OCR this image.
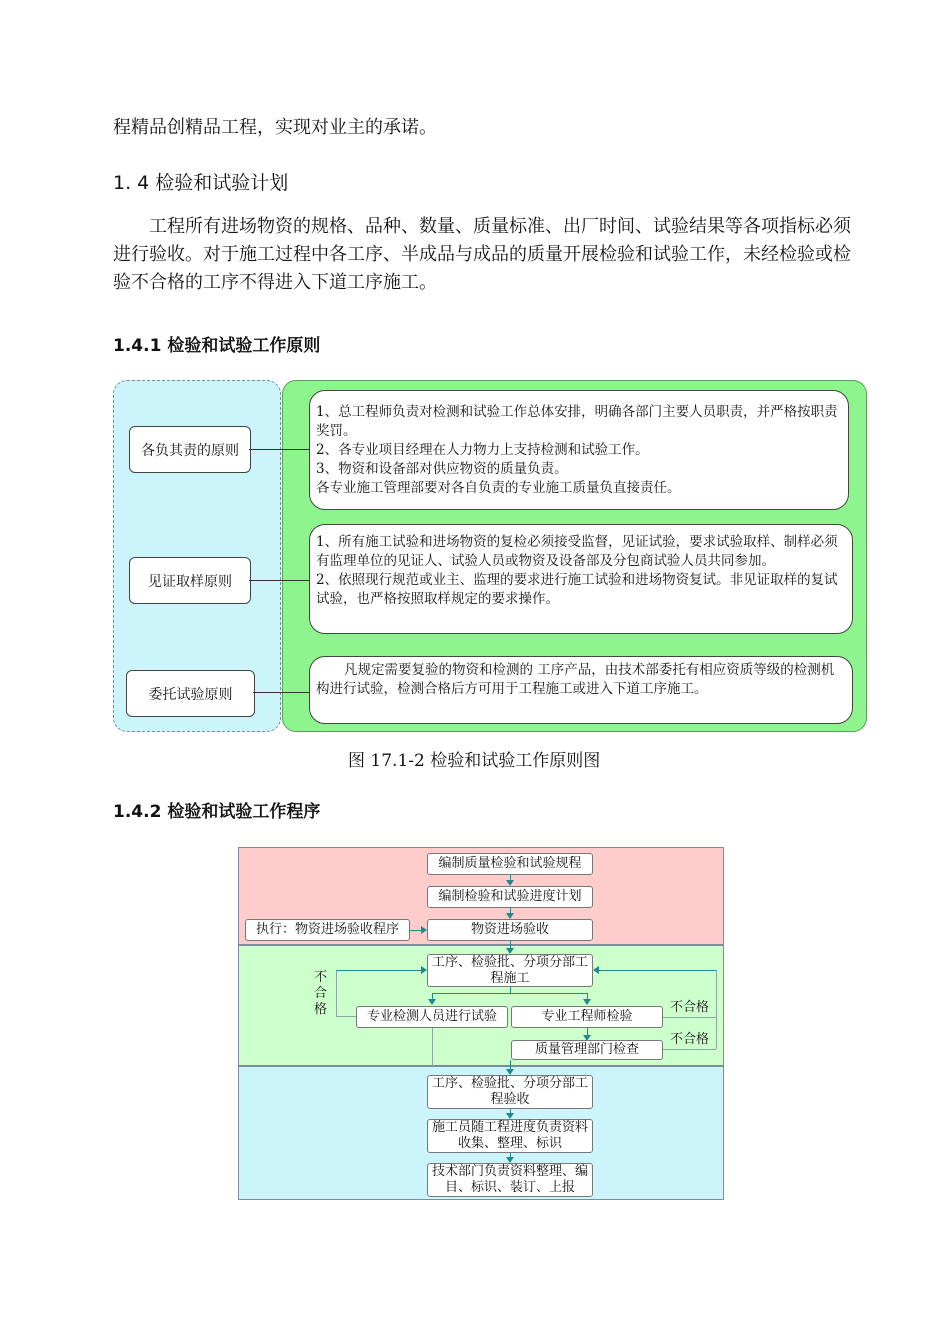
程精品创精品工程，实现对业主的承诺。

1. 4 检验和试验计划

工程所有进场物资的规格、品种、数量、质量标准、出厂时间、试验结果等各项指标必须进行验收。对于施工过程中各工序、半成品与成品的质量开展检验和试验工作，未经检验或检验不合格的工序不得进入下道工序施工。

1.4.1 检验和试验工作原则
各负其责的原则
见证取样原则
委托试验原则
1、总工程师负责对检测和试验工作总体安排，明确各部门主要人员职责，并严格按职责奖罚。
2、各专业项目经理在人力物力上支持检测和试验工作。
3、物资和设备部对供应物资的质量负责。
各专业施工管理部要对各自负责的专业施工质量负直接责任。
1、所有施工试验和进场物资的复检必须接受监督，见证试验，要求试验取样、制样必须有监理单位的见证人、试验人员或物资及设备部及分包商试验人员共同参加。
2、依照现行规范或业主、监理的要求进行施工试验和进场物资复试。非见证取样的复试试验，也严格按照取样规定的要求操作。
凡规定需要复验的物资和检测的 工序产品，由技术部委托有相应资质等级的检测机构进行试验，检测合格后方可用于工程施工或进入下道工序施工。
图 17.1-2 检验和试验工作原则图
1.4.2 检验和试验工作程序
编制质量检验和试验规程
编制检验和试验进度计划
执行：物资进场验收程序	物资进场验收
工序、检验批、分项分部工程施工
专业检测人员进行试验	专业工程师检验
不合格
质量管理部门检查
不合格
不合格
工序、检验批、分项分部工程验收
施工员随工程进度负责资料收集、整理、标识
技术部门负责资料整理、编目、标识、装订、上报
